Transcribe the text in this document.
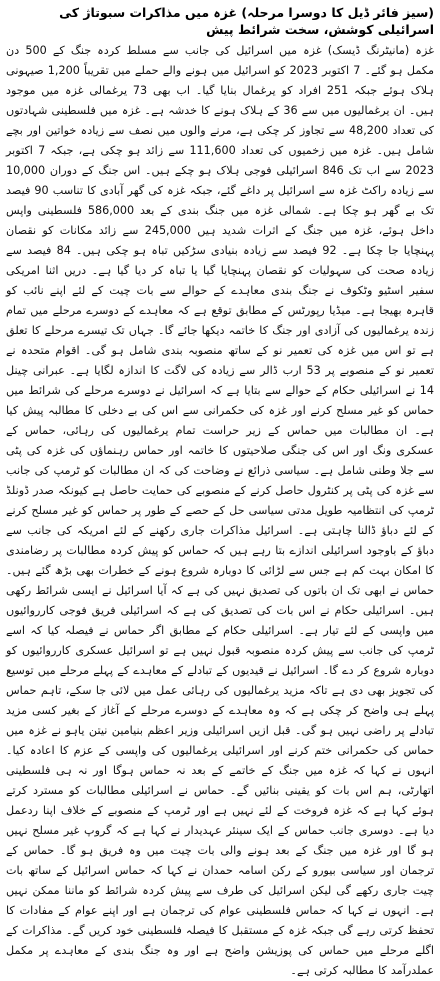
(سیز فائر ڈیل کا دوسرا مرحلہ) غزہ میں مذاکرات سبوتاژ کی اسرائیلی کوشش، سخت شرائط پیش

غزہ (مانیٹرنگ ڈیسک) غزہ میں اسرائیل کی جانب سے مسلط کردہ جنگ کے 500 دن مکمل ہو گئے۔ 7 اکتوبر 2023 کو اسرائیل میں ہونے والے حملے میں تقریباً 1,200 صیہونی ہلاک ہوئے جبکہ 251 افراد کو یرغمال بنایا گیا۔ اب بھی 73 یرغمالی غزہ میں موجود ہیں۔ ان یرغمالیوں میں سے 36 کے ہلاک ہونے کا خدشہ ہے۔ غزہ میں فلسطینی شہادتوں کی تعداد 48,200 سے تجاوز کر چکی ہے، مرنے والوں میں نصف سے زیادہ خواتین اور بچے شامل ہیں۔ غزہ میں زخمیوں کی تعداد 111,600 سے زائد ہو چکی ہے، جبکہ 7 اکتوبر 2023 سے اب تک 846 اسرائیلی فوجی ہلاک ہو چکے ہیں۔ اس جنگ کے دوران 10,000 سے زیادہ راکٹ غزہ سے اسرائیل پر داغے گئے، جبکہ غزہ کی گھر آبادی کا تناسب 90 فیصد تک بے گھر ہو چکا ہے۔ شمالی غزہ میں جنگ بندی کے بعد 586,000 فلسطینی واپس داخل ہوئے، غزہ میں جنگ کے اثرات شدید ہیں 245,000 سے زائد مکانات کو نقصان پہنچایا جا چکا ہے۔ 92 فیصد سے زیادہ بنیادی سڑکیں تباہ ہو چکی ہیں۔ 84 فیصد سے زیادہ صحت کی سہولیات کو نقصان پہنچایا گیا یا تباہ کر دیا گیا ہے۔ دریں اثنا امریکی سفیر اسٹیو وٹکوف نے جنگ بندی معاہدے کے حوالے سے بات چیت کے لئے اپنے نائب کو قاہرہ بھیجا ہے۔ میڈیا رپورٹس کے مطابق توقع ہے کہ معاہدے کے دوسرے مرحلے میں تمام زندہ یرغمالیوں کی آزادی اور جنگ کا خاتمہ دیکھا جائے گا۔ جہاں تک تیسرے مرحلے کا تعلق ہے تو اس میں غزہ کی تعمیر نو کے ساتھ منصوبہ بندی شامل ہو گی۔ اقوام متحدہ نے تعمیر نو کے منصوبے پر 53 ارب ڈالر سے زیادہ کی لاگت کا اندازہ لگایا ہے۔ عبرانی چینل 14 نے اسرائیلی حکام کے حوالے سے بتایا ہے کہ اسرائیل نے دوسرے مرحلے کی شرائط میں حماس کو غیر مسلح کرنے اور غزہ کی حکمرانی سے اس کی بے دخلی کا مطالبہ پیش کیا ہے۔ ان مطالبات میں حماس کے زیر حراست تمام یرغمالیوں کی رہائی، حماس کے عسکری ونگ اور اس کی جنگی صلاحیتوں کا خاتمہ اور حماس رہنماؤں کی غزہ کی پٹی سے جلا وطنی شامل ہے۔ سیاسی ذرائع نے وضاحت کی کہ ان مطالبات کو ٹرمپ کی جانب سے غزہ کی پٹی پر کنٹرول حاصل کرنے کے منصوبے کی حمایت حاصل ہے کیونکہ صدر ڈونلڈ ٹرمپ کی انتظامیہ طویل مدتی سیاسی حل کے حصے کے طور پر حماس کو غیر مسلح کرنے کے لئے دباؤ ڈالنا چاہتی ہے۔ اسرائیل مذاکرات جاری رکھنے کے لئے امریکہ کی جانب سے دباؤ کے باوجود اسرائیلی اندازے بتا رہے ہیں کہ حماس کو پیش کردہ مطالبات پر رضامندی کا امکان بہت کم ہے جس سے لڑائی کا دوبارہ شروع ہونے کے خطرات بھی بڑھ گئے ہیں۔ حماس نے ابھی تک ان باتوں کی تصدیق نہیں کی ہے کہ آیا اسرائیل نے ایسی شرائط رکھی ہیں۔ اسرائیلی حکام نے اس بات کی تصدیق کی ہے کہ اسرائیلی فریق فوجی کارروائیوں میں واپسی کے لئے تیار ہے۔ اسرائیلی حکام کے مطابق اگر حماس نے فیصلہ کیا کہ اسے ٹرمپ کی جانب سے پیش کردہ منصوبہ قبول نہیں ہے تو اسرائیل عسکری کارروائیوں کو دوبارہ شروع کر دے گا۔ اسرائیل نے قیدیوں کے تبادلے کے معاہدے کے پہلے مرحلے میں توسیع کی تجویز بھی دی ہے تاکہ مزید یرغمالیوں کی رہائی عمل میں لائی جا سکے، تاہم حماس پہلے ہی واضح کر چکی ہے کہ وہ معاہدے کے دوسرے مرحلے کے آغاز کے بغیر کسی مزید تبادلے پر راضی نہیں ہو گی۔ قبل ازیں اسرائیلی وزیر اعظم بنیامین نیتن یاہو نے غزہ میں حماس کی حکمرانی ختم کرنے اور اسرائیلی یرغمالیوں کی واپسی کے عزم کا اعادہ کیا۔ انہوں نے کہا کہ غزہ میں جنگ کے خاتمے کے بعد نہ حماس ہوگا اور نہ ہی فلسطینی اتھارٹی، ہم اس بات کو یقینی بنائیں گے۔ حماس نے اسرائیلی مطالبات کو مسترد کرتے ہوئے کہا ہے کہ غزہ فروخت کے لئے نہیں ہے اور ٹرمپ کے منصوبے کے خلاف اپنا ردعمل دیا ہے۔ دوسری جانب حماس کے ایک سینئر عہدیدار نے کہا ہے کہ گروپ غیر مسلح نہیں ہو گا اور غزہ میں جنگ کے بعد ہونے والی بات چیت میں وہ فریق ہو گا۔ حماس کے ترجمان اور سیاسی بیورو کے رکن اسامہ حمدان نے کہا کہ حماس اسرائیل کے ساتھ بات چیت جاری رکھے گی لیکن اسرائیل کی طرف سے پیش کردہ شرائط کو ماننا ممکن نہیں ہے۔ انہوں نے کہا کہ حماس فلسطینی عوام کی ترجمان ہے اور اپنے عوام کے مفادات کا تحفظ کرتی رہے گی جبکہ غزہ کے مستقبل کا فیصلہ فلسطینی خود کریں گے۔ مذاکرات کے اگلے مرحلے میں حماس کی پوزیشن واضح ہے اور وہ جنگ بندی کے معاہدے پر مکمل عملدرآمد کا مطالبہ کرتی ہے۔
